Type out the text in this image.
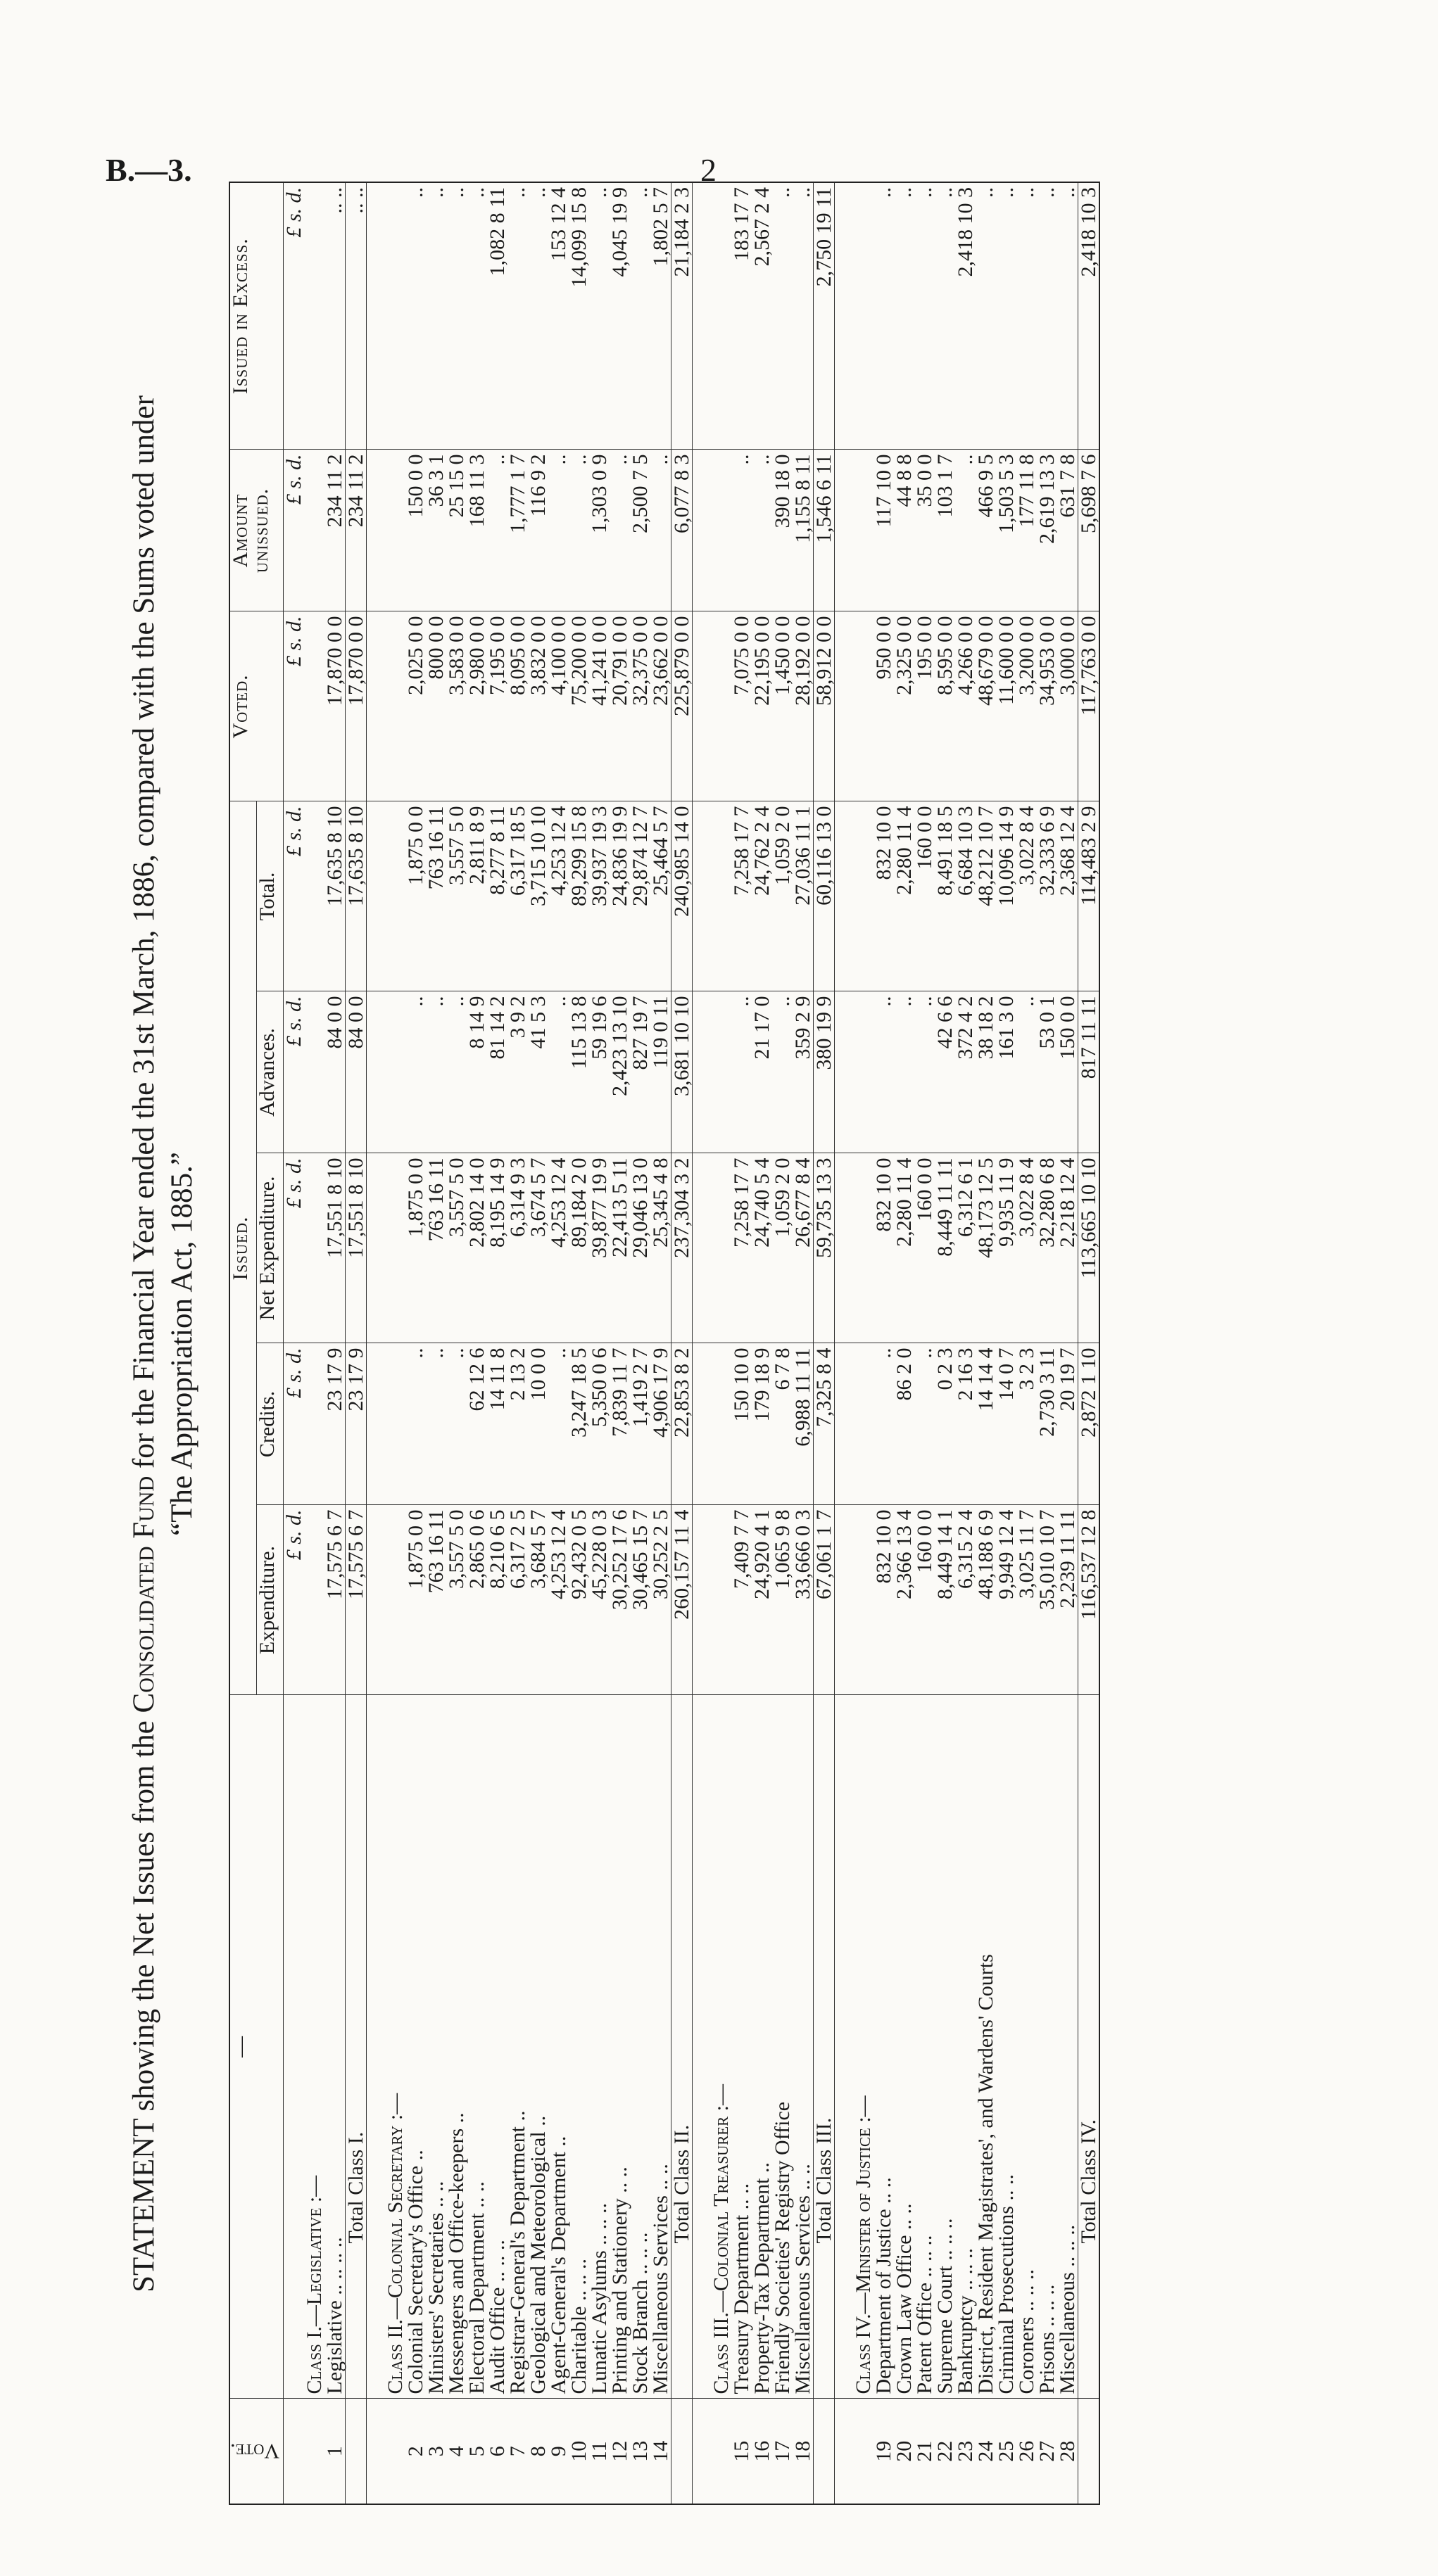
B.—3.	2
STATEMENT showing the Net Issues from the Consolidated Fund for the Financial Year ended the 31st March, 1886, compared with the Sums voted under “The Appropriation Act, 1885.”
Vote.	—	Issued.					Voted.	Amount unissued.	Issued in Excess.
		Expenditure.	Credits.	Net Expenditure.	Advances.	Total.			
		£ s. d.	£ s. d.	£ s. d.	£ s. d.	£ s. d.	£ s. d.	£ s. d.	£ s. d.
	Class I.—Legislative :—								
1	Legislative .. .. .. ..	17,575 6 7	23 17 9	17,551 8 10	84 0 0	17,635 8 10	17,870 0 0	234 11 2	.. ..
	Total Class I.	17,575 6 7	23 17 9	17,551 8 10	84 0 0	17,635 8 10	17,870 0 0	234 11 2	.. ..

	Class II.—Colonial Secretary :—								
2	Colonial Secretary's Office ..	1,875 0 0	..	1,875 0 0	..	1,875 0 0	2,025 0 0	150 0 0	..
3	Ministers' Secretaries .. ..	763 16 11	..	763 16 11	..	763 16 11	800 0 0	36 3 1	..
4	Messengers and Office-keepers ..	3,557 5 0	..	3,557 5 0	..	3,557 5 0	3,583 0 0	25 15 0	..
5	Electoral Department .. ..	2,865 0 6	62 12 6	2,802 14 0	8 14 9	2,811 8 9	2,980 0 0	168 11 3	..
6	Audit Office .. .. ..	8,210 6 5	14 11 8	8,195 14 9	81 14 2	8,277 8 11	7,195 0 0	..	1,082 8 11
7	Registrar-General's Department ..	6,317 2 5	2 13 2	6,314 9 3	3 9 2	6,317 18 5	8,095 0 0	1,777 1 7	..
8	Geological and Meteorological ..	3,684 5 7	10 0 0	3,674 5 7	41 5 3	3,715 10 10	3,832 0 0	116 9 2	..
9	Agent-General's Department ..	4,253 12 4	..	4,253 12 4	..	4,253 12 4	4,100 0 0	..	153 12 4
10	Charitable .. .. ..	92,432 0 5	3,247 18 5	89,184 2 0	115 13 8	89,299 15 8	75,200 0 0	..	14,099 15 8
11	Lunatic Asylums .. .. ..	45,228 0 3	5,350 0 6	39,877 19 9	59 19 6	39,937 19 3	41,241 0 0	1,303 0 9	..
12	Printing and Stationery .. ..	30,252 17 6	7,839 11 7	22,413 5 11	2,423 13 10	24,836 19 9	20,791 0 0	..	4,045 19 9
13	Stock Branch .. .. ..	30,465 15 7	1,419 2 7	29,046 13 0	827 19 7	29,874 12 7	32,375 0 0	2,500 7 5	..
14	Miscellaneous Services .. ..	30,252 2 5	4,906 17 9	25,345 4 8	119 0 11	25,464 5 7	23,662 0 0	..	1,802 5 7
	Total Class II.	260,157 11 4	22,853 8 2	237,304 3 2	3,681 10 10	240,985 14 0	225,879 0 0	6,077 8 3	21,184 2 3

	Class III.—Colonial Treasurer :—								
15	Treasury Department .. ..	7,409 7 7	150 10 0	7,258 17 7	..	7,258 17 7	7,075 0 0	..	183 17 7
16	Property-Tax Department ..	24,920 4 1	179 18 9	24,740 5 4	21 17 0	24,762 2 4	22,195 0 0	..	2,567 2 4
17	Friendly Societies' Registry Office	1,065 9 8	6 7 8	1,059 2 0	..	1,059 2 0	1,450 0 0	390 18 0	..
18	Miscellaneous Services .. ..	33,666 0 3	6,988 11 11	26,677 8 4	359 2 9	27,036 11 1	28,192 0 0	1,155 8 11	..
	Total Class III.	67,061 1 7	7,325 8 4	59,735 13 3	380 19 9	60,116 13 0	58,912 0 0	1,546 6 11	2,750 19 11

	Class IV.—Minister of Justice :—								
19	Department of Justice .. ..	832 10 0	..	832 10 0	..	832 10 0	950 0 0	117 10 0	..
20	Crown Law Office .. ..	2,366 13 4	86 2 0	2,280 11 4	..	2,280 11 4	2,325 0 0	44 8 8	..
21	Patent Office .. .. ..	160 0 0	..	160 0 0	..	160 0 0	195 0 0	35 0 0	..
22	Supreme Court .. .. ..	8,449 14 1	0 2 3	8,449 11 11	42 6 6	8,491 18 5	8,595 0 0	103 1 7	..
23	Bankruptcy .. .. ..	6,315 2 4	2 16 3	6,312 6 1	372 4 2	6,684 10 3	4,266 0 0	..	2,418 10 3
24	District, Resident Magistrates', and Wardens' Courts	48,188 6 9	14 14 4	48,173 12 5	38 18 2	48,212 10 7	48,679 0 0	466 9 5	..
25	Criminal Prosecutions .. ..	9,949 12 4	14 0 7	9,935 11 9	161 3 0	10,096 14 9	11,600 0 0	1,503 5 3	..
26	Coroners .. .. ..	3,025 11 7	3 2 3	3,022 8 4	..	3,022 8 4	3,200 0 0	177 11 8	..
27	Prisons .. .. ..	35,010 10 7	2,730 3 11	32,280 6 8	53 0 1	32,333 6 9	34,953 0 0	2,619 13 3	..
28	Miscellaneous .. .. ..	2,239 11 11	20 19 7	2,218 12 4	150 0 0	2,368 12 4	3,000 0 0	631 7 8	..
	Total Class IV.	116,537 12 8	2,872 1 10	113,665 10 10	817 11 11	114,483 2 9	117,763 0 0	5,698 7 6	2,418 10 3
